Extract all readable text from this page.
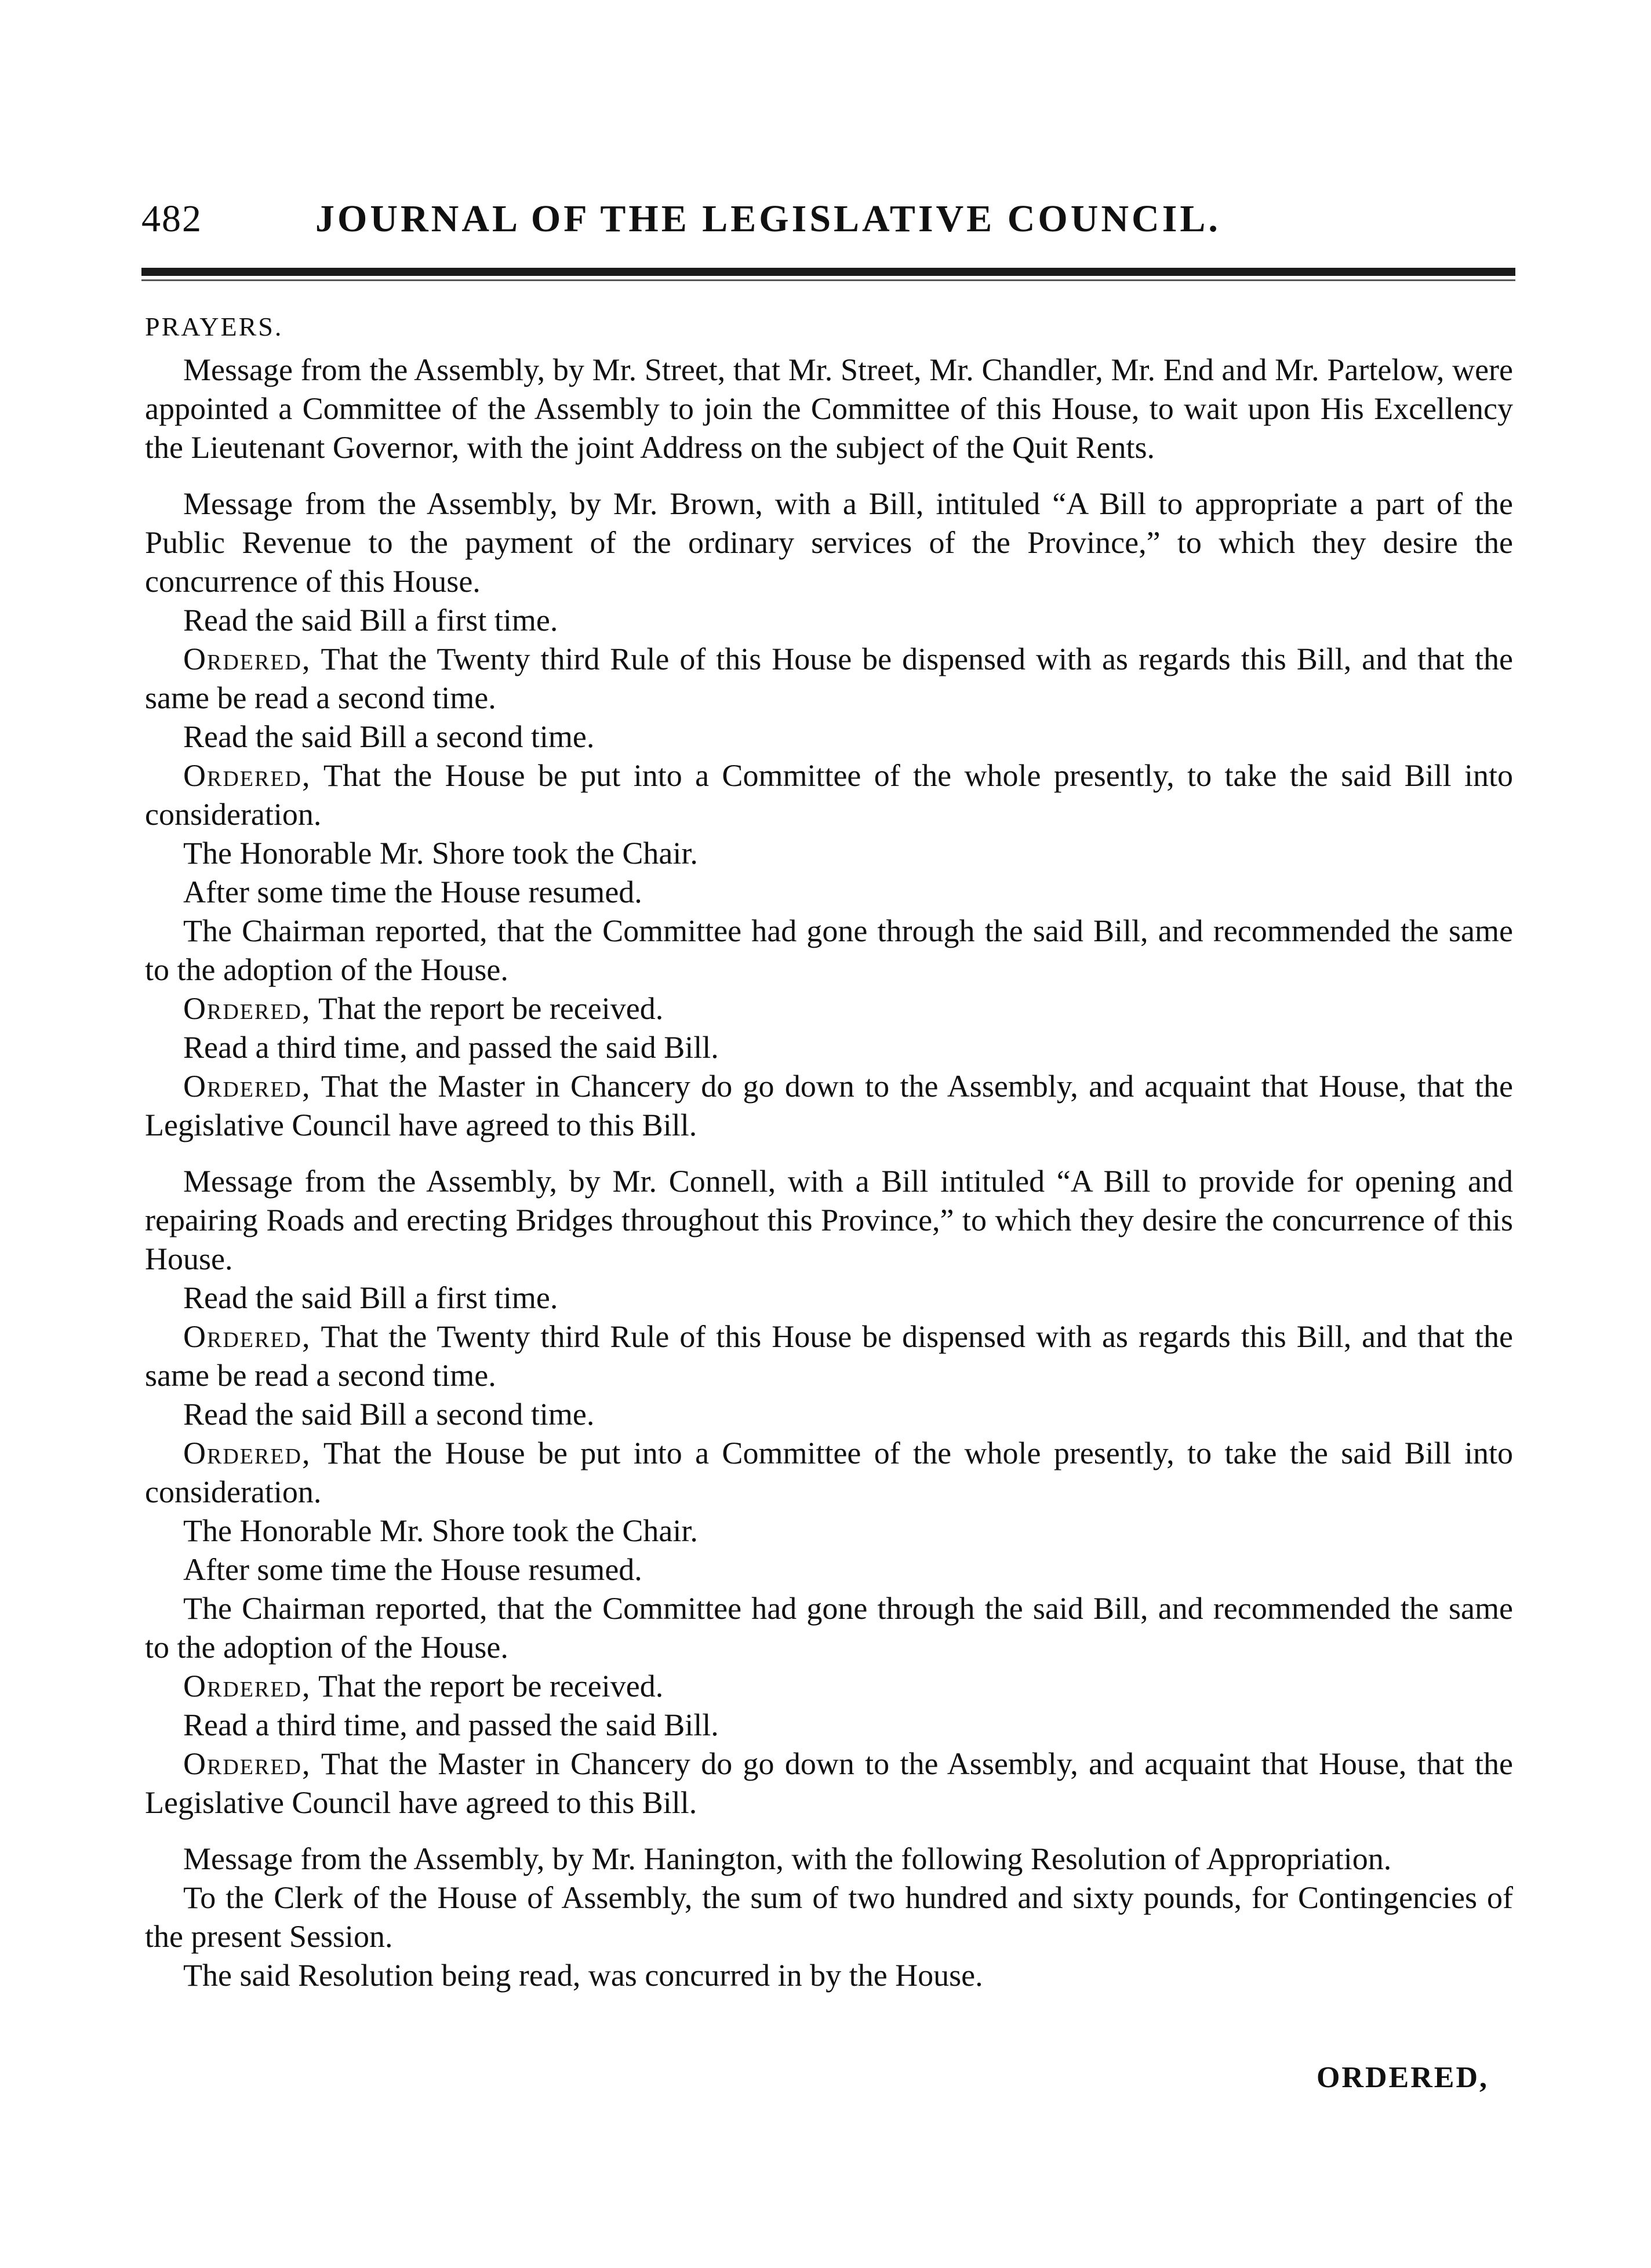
482	JOURNAL OF THE LEGISLATIVE COUNCIL.
PRAYERS.

Message from the Assembly, by Mr. Street, that Mr. Street, Mr. Chandler, Mr. End and Mr. Partelow, were appointed a Committee of the Assembly to join the Committee of this House, to wait upon His Excellency the Lieutenant Governor, with the joint Address on the subject of the Quit Rents.

Message from the Assembly, by Mr. Brown, with a Bill, intituled “A Bill to appropriate a part of the Public Revenue to the payment of the ordinary services of the Province,” to which they desire the concurrence of this House.

Read the said Bill a first time.

Ordered, That the Twenty third Rule of this House be dispensed with as regards this Bill, and that the same be read a second time.

Read the said Bill a second time.

Ordered, That the House be put into a Committee of the whole presently, to take the said Bill into consideration.

The Honorable Mr. Shore took the Chair.

After some time the House resumed.

The Chairman reported, that the Committee had gone through the said Bill, and recommended the same to the adoption of the House.

Ordered, That the report be received.

Read a third time, and passed the said Bill.

Ordered, That the Master in Chancery do go down to the Assembly, and acquaint that House, that the Legislative Council have agreed to this Bill.

Message from the Assembly, by Mr. Connell, with a Bill intituled “A Bill to provide for opening and repairing Roads and erecting Bridges throughout this Province,” to which they desire the concurrence of this House.

Read the said Bill a first time.

Ordered, That the Twenty third Rule of this House be dispensed with as regards this Bill, and that the same be read a second time.

Read the said Bill a second time.

Ordered, That the House be put into a Committee of the whole presently, to take the said Bill into consideration.

The Honorable Mr. Shore took the Chair.

After some time the House resumed.

The Chairman reported, that the Committee had gone through the said Bill, and recommended the same to the adoption of the House.

Ordered, That the report be received.

Read a third time, and passed the said Bill.

Ordered, That the Master in Chancery do go down to the Assembly, and acquaint that House, that the Legislative Council have agreed to this Bill.

Message from the Assembly, by Mr. Hanington, with the following Resolution of Appropriation.

To the Clerk of the House of Assembly, the sum of two hundred and sixty pounds, for Contingencies of the present Session.

The said Resolution being read, was concurred in by the House.

ORDERED,
